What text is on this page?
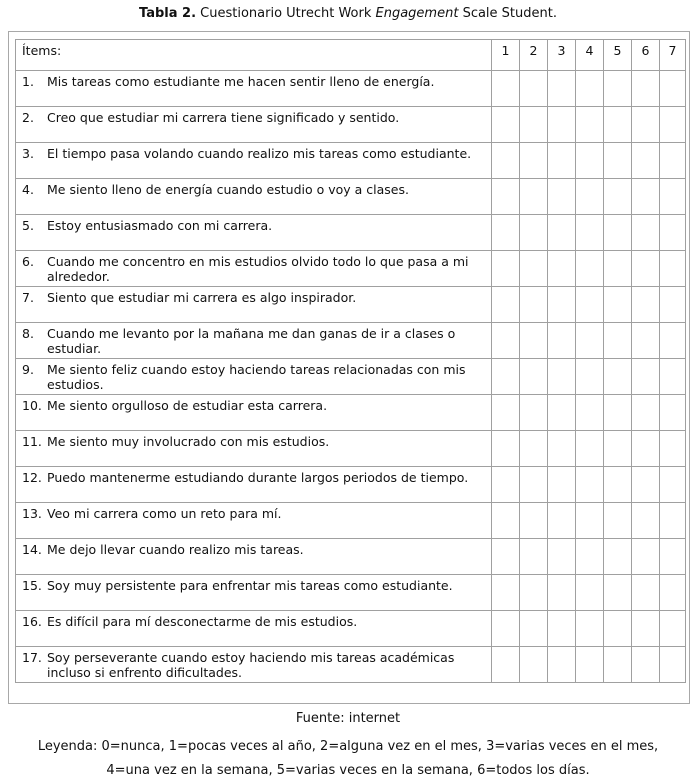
Tabla 2. Cuestionario Utrecht Work Engagement Scale Student.
Ítems:	1	2	3	4	5	6	7

1. Mis tareas como estudiante me hacen sentir lleno de energía.							

2. Creo que estudiar mi carrera tiene significado y sentido.							

3. El tiempo pasa volando cuando realizo mis tareas como estudiante.							

4. Me siento lleno de energía cuando estudio o voy a clases.							

5. Estoy entusiasmado con mi carrera.							

6. Cuando me concentro en mis estudios olvido todo lo que pasa a mi alrededor.							

7. Siento que estudiar mi carrera es algo inspirador.							

8. Cuando me levanto por la mañana me dan ganas de ir a clases o estudiar.							

9. Me siento feliz cuando estoy haciendo tareas relacionadas con mis estudios.							

10. Me siento orgulloso de estudiar esta carrera.							

11. Me siento muy involucrado con mis estudios.							

12. Puedo mantenerme estudiando durante largos periodos de tiempo.							

13. Veo mi carrera como un reto para mí.							

14. Me dejo llevar cuando realizo mis tareas.							

15. Soy muy persistente para enfrentar mis tareas como estudiante.							

16. Es difícil para mí desconectarme de mis estudios.							

17. Soy perseverante cuando estoy haciendo mis tareas académicas incluso si enfrento dificultades.							

Fuente: internet
Leyenda: 0=nunca, 1=pocas veces al año, 2=alguna vez en el mes, 3=varias veces en el mes,
4=una vez en la semana, 5=varias veces en la semana, 6=todos los días.
